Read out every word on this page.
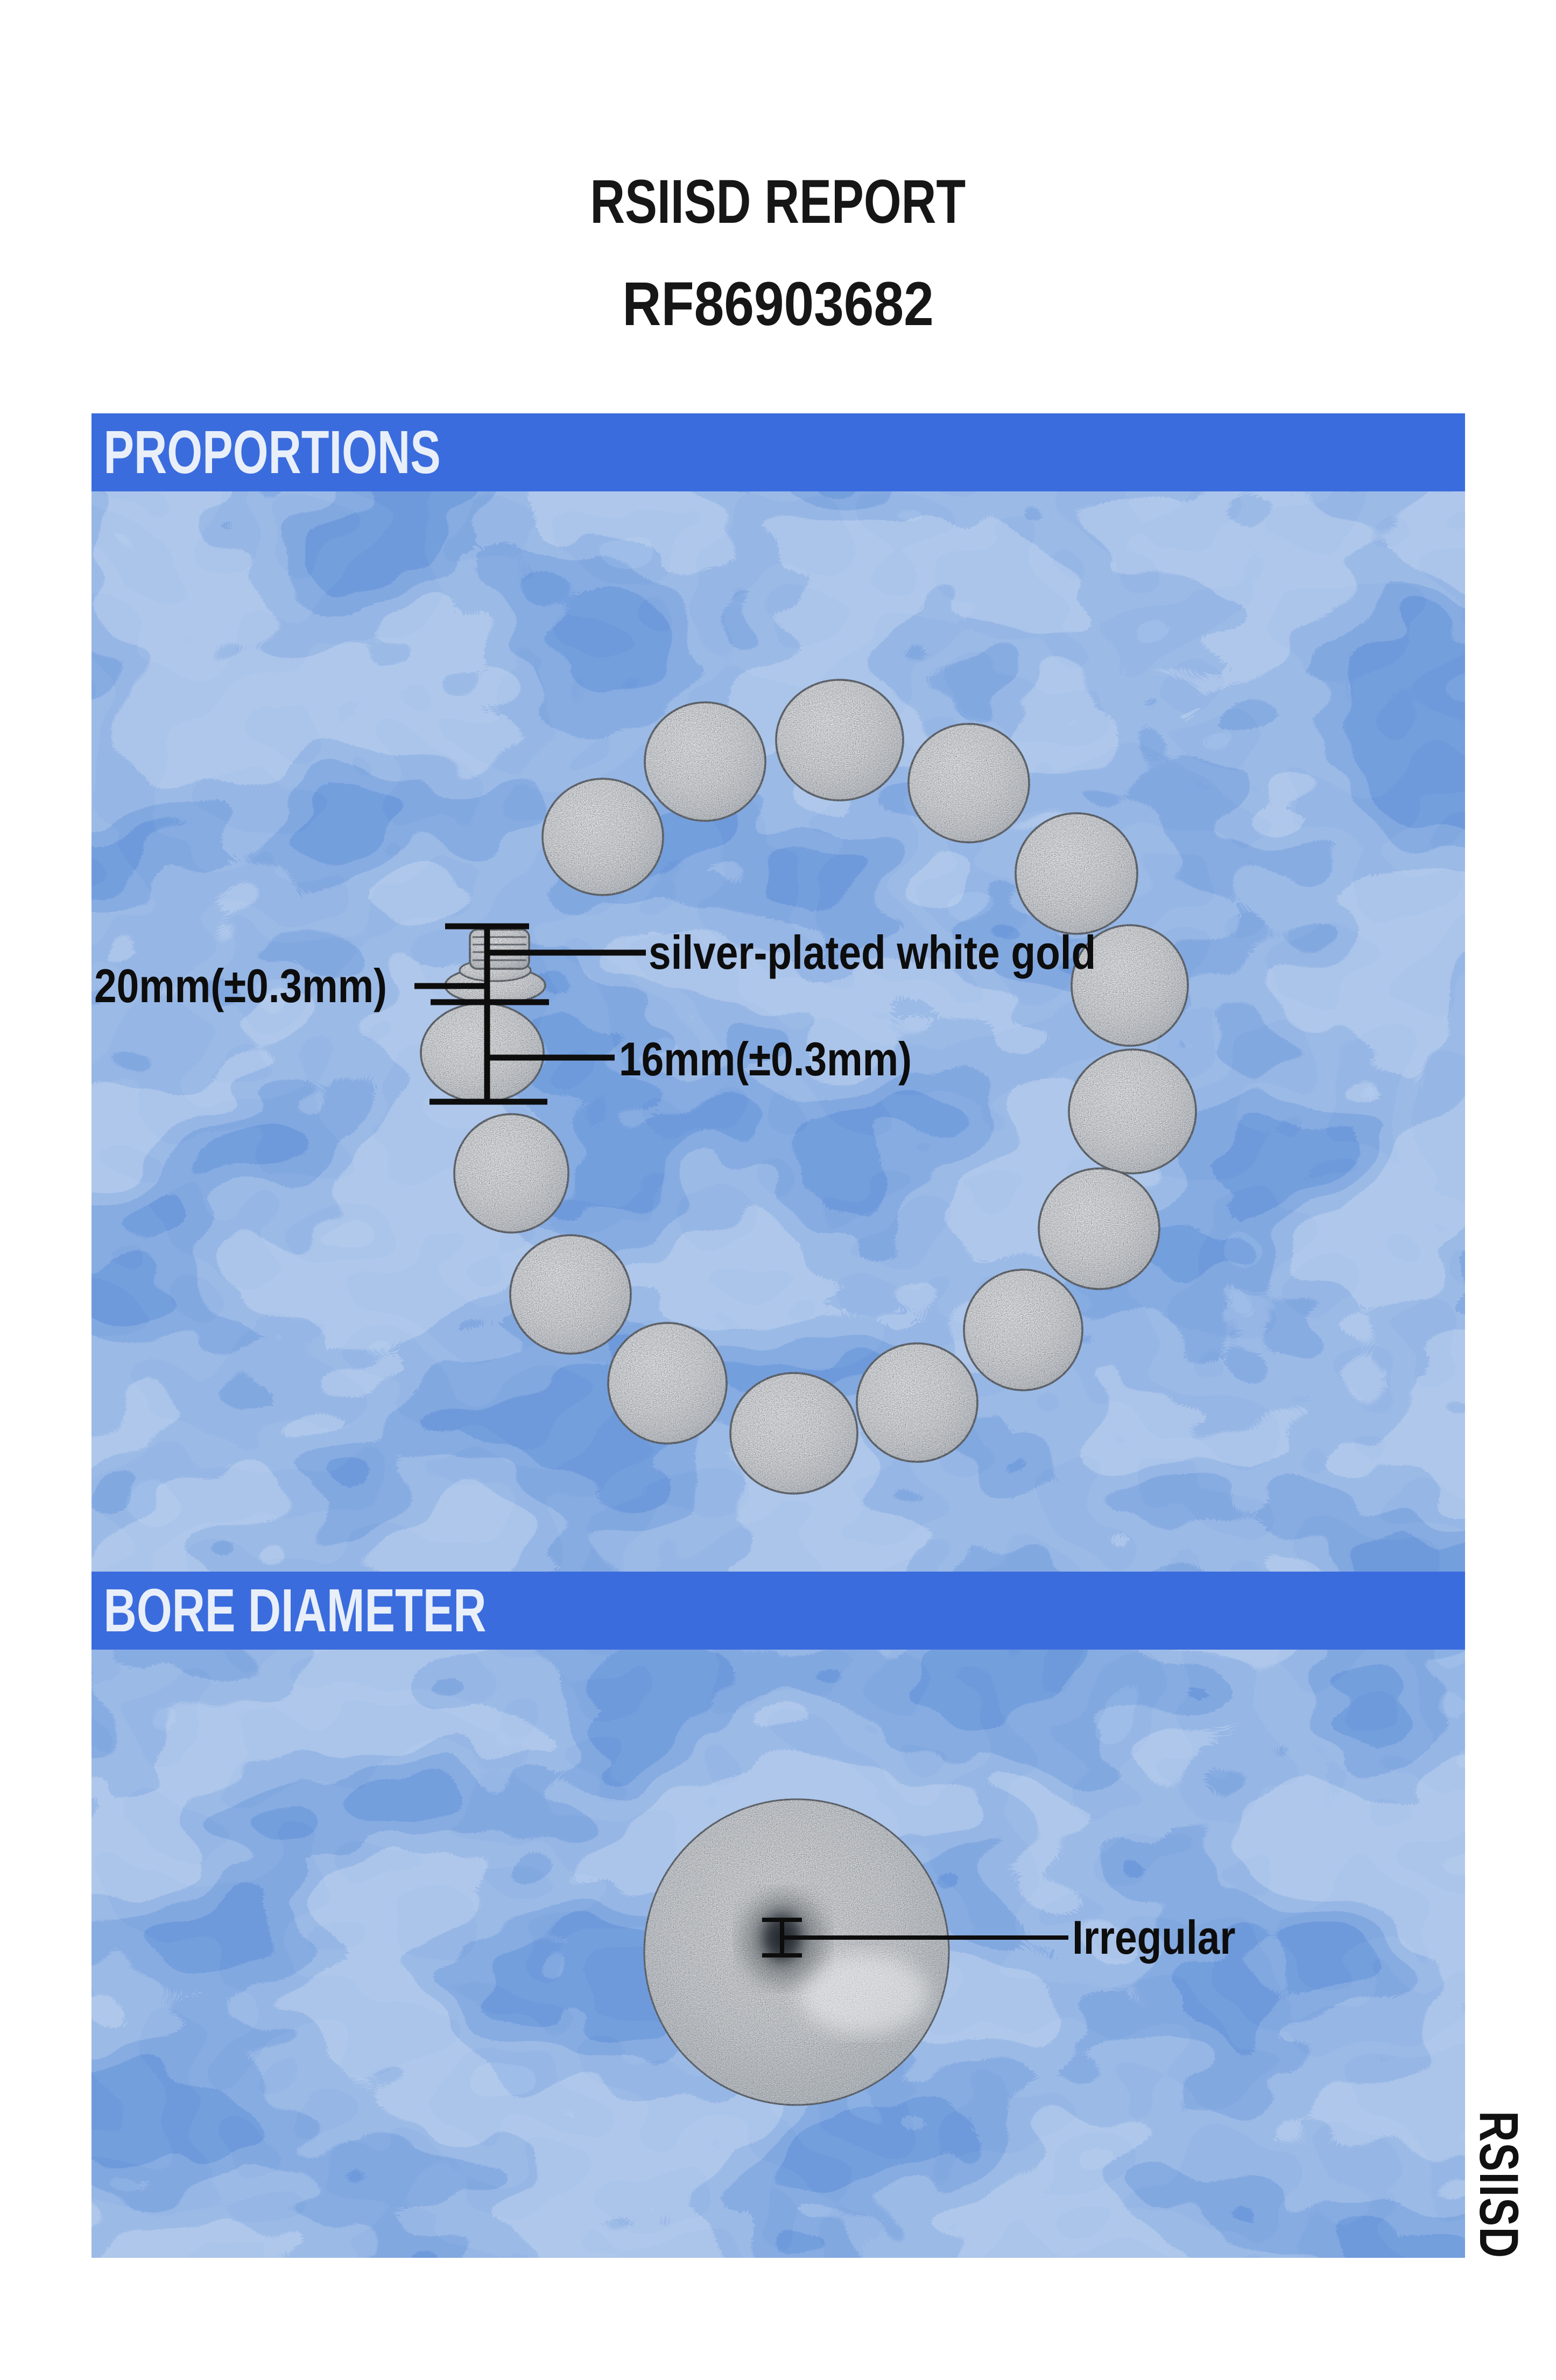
RSIISD REPORT
RF86903682
PROPORTIONS
BORE DIAMETER
silver-plated white gold
20mm(±0.3mm)
16mm(±0.3mm)
Irregular
RSIISD
